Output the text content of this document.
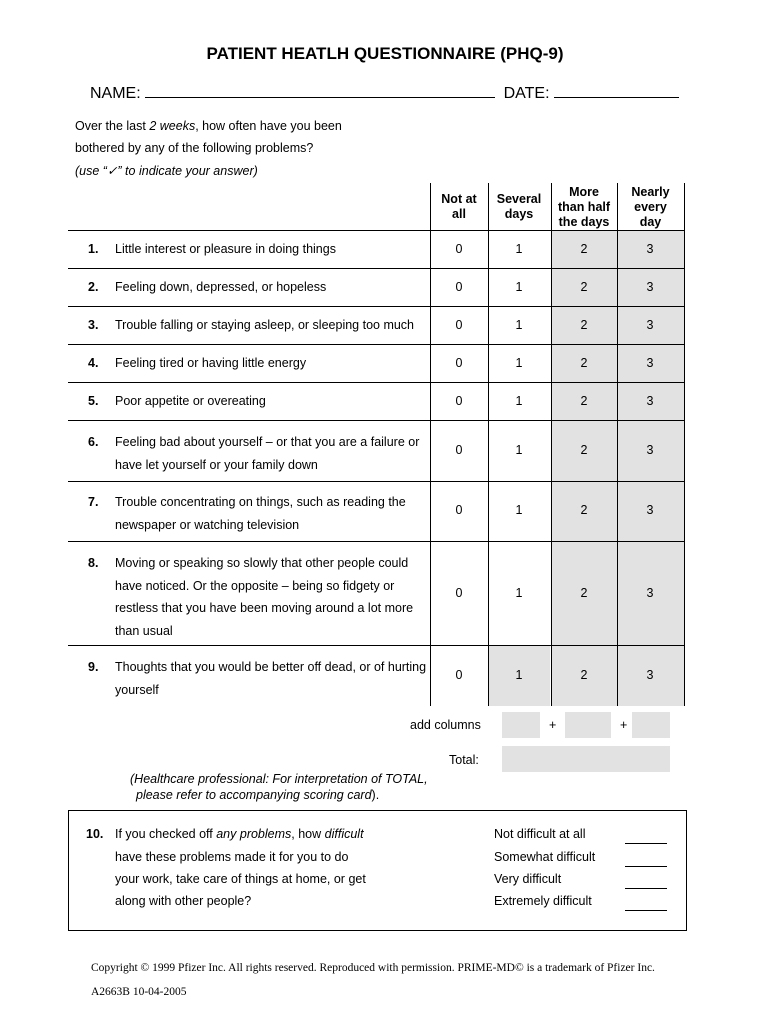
PATIENT HEATLH QUESTIONNAIRE (PHQ-9)
NAME:	DATE:
Over the last 2 weeks, how often have you been
bothered by any of the following problems?
(use “✓” to indicate your answer)
Not at
all
Several
days
More
than half
the days
Nearly
every
day
1. Little interest or pleasure in doing things	0	1	2	3
2. Feeling down, depressed, or hopeless	0	1	2	3
3. Trouble falling or staying asleep, or sleeping too much	0	1	2	3
4. Feeling tired or having little energy	0	1	2	3
5. Poor appetite or overeating	0	1	2	3
6. Feeling bad about yourself – or that you are a failure or have let yourself or your family down
0	1	2	3
7. Trouble concentrating on things, such as reading the newspaper or watching television
0	1	2	3
8. Moving or speaking so slowly that other people could have noticed. Or the opposite – being so fidgety or restless that you have been moving around a lot more than usual
0	1	2	3
9. Thoughts that you would be better off dead, or of hurting yourself
0	1	2	3
add columns	+	+
Total:
(Healthcare professional: For interpretation of TOTAL,
please refer to accompanying scoring card).
10. If you checked off any problems, how difficult
have these problems made it for you to do
your work, take care of things at home, or get
along with other people?
Not difficult at all
Somewhat difficult
Very difficult
Extremely difficult
Copyright © 1999 Pfizer Inc. All rights reserved. Reproduced with permission. PRIME-MD© is a trademark of Pfizer Inc.
A2663B 10-04-2005
